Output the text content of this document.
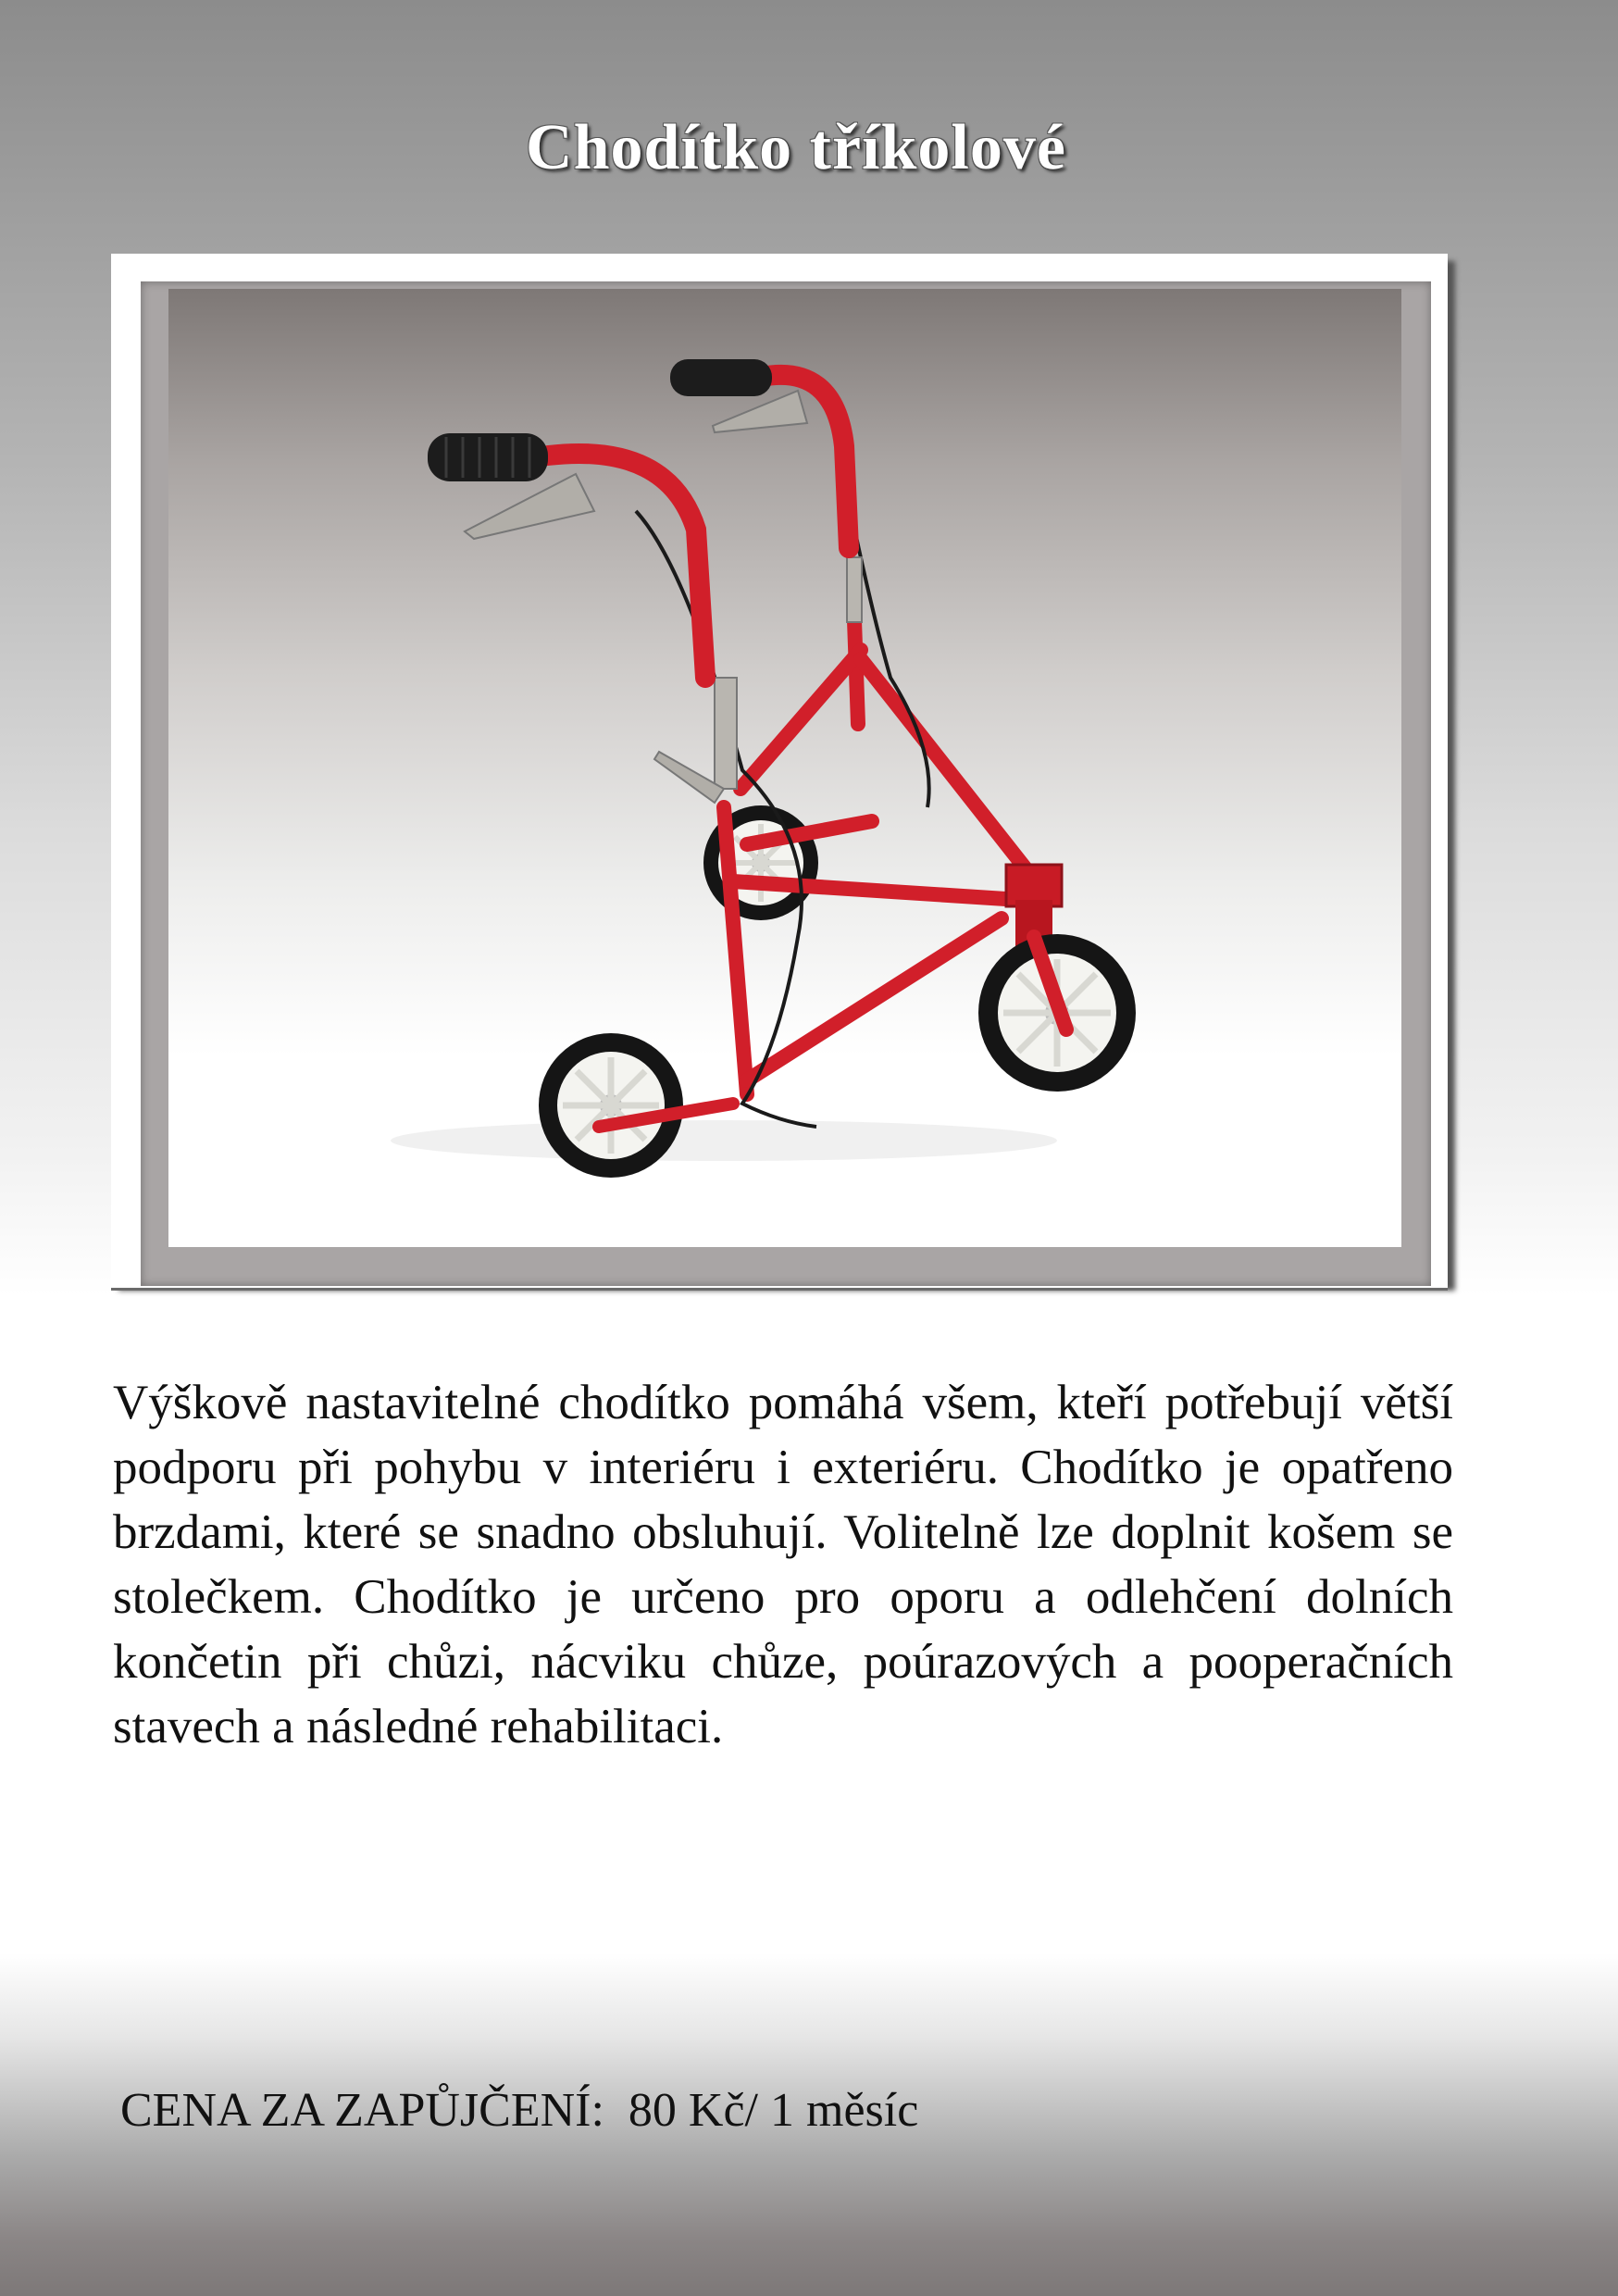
Chodítko tříkolové
Výškově nastavitelné chodítko pomáhá všem, kteří potřebují větší podporu při pohybu v interiéru i exteriéru. Chodítko je opatřeno brzdami, které se snadno obsluhují. Volitelně lze doplnit košem se stolečkem. Chodítko je určeno pro oporu a odlehčení dolních končetin při chůzi, nácviku chůze, poúrazových a pooperačních stavech a následné rehabilitaci.
CENA ZA ZAPŮJČENÍ: 80 Kč/ 1 měsíc
